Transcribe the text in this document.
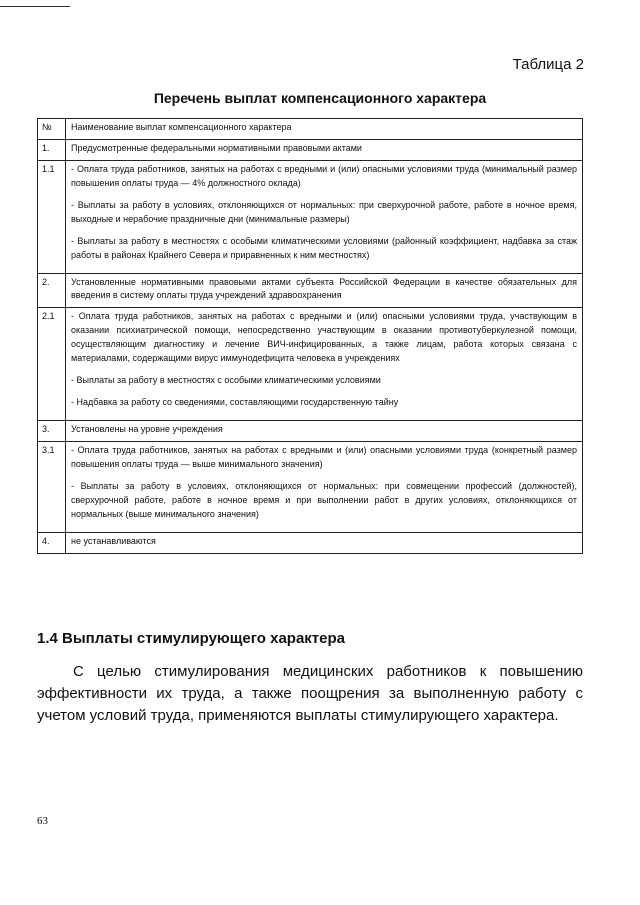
Таблица 2
Перечень выплат компенсационного характера
№	Наименование выплат компенсационного характера
1.	Предусмотренные федеральными нормативными правовыми актами

1.1	- Оплата труда работников, занятых на работах с вредными и (или) опасными условиями труда (минимальный размер повышения оплаты труда — 4% должностного оклада)

- Выплаты за работу в условиях, отклоняющихся от нормальных: при сверхурочной работе, работе в ночное время, выходные и нерабочие праздничные дни (минимальные размеры)

- Выплаты за работу в местностях с особыми климатическими условиями (районный коэффициент, надбавка за стаж работы в районах Крайнего Севера и приравненных к ним местностях)

2.	Установленные нормативными правовыми актами субъекта Российской Федерации в качестве обязательных для введения в систему оплаты труда учреждений здравоохранения

2.1	- Оплата труда работников, занятых на работах с вредными и (или) опасными условиями труда, участвующим в оказании психиатрической помощи, непосредственно участвующим в оказании противотуберкулезной помощи, осуществляющим диагностику и лечение ВИЧ-инфицированных, а также лицам, работа которых связана с материалами, содержащими вирус иммунодефицита человека в учреждениях

- Выплаты за работу в местностях с особыми климатическими условиями

- Надбавка за работу со сведениями, составляющими государственную тайну

3.	Установлены на уровне учреждения

3.1	- Оплата труда работников, занятых на работах с вредными и (или) опасными условиями труда (конкретный размер повышения оплаты труда — выше минимального значения)

- Выплаты за работу в условиях, отклоняющихся от нормальных: при совмещении профессий (должностей), сверхурочной работе, работе в ночное время и при выполнении работ в других условиях, отклоняющихся от нормальных (выше минимального значения)

4.	не устанавливаются

1.4 Выплаты стимулирующего характера

С целью стимулирования медицинских работников к повышению эффективности их труда, а также поощрения за выполненную работу с учетом условий труда, применяются выплаты стимулирующего характера.

63
